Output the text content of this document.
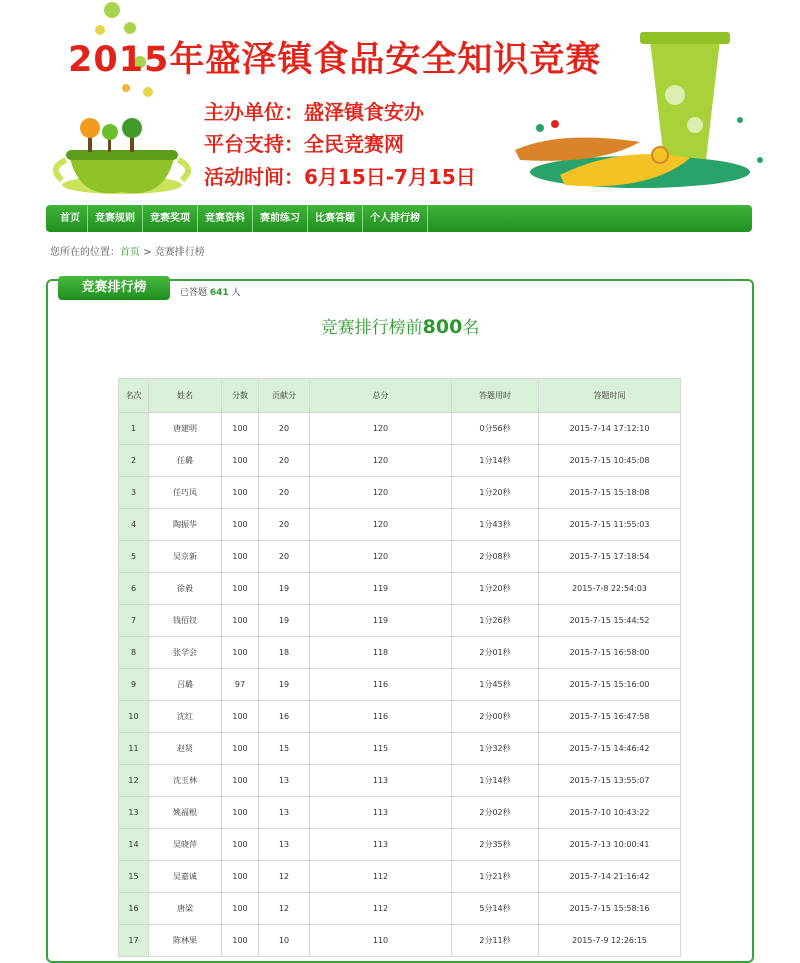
2015年盛泽镇食品安全知识竞赛
主办单位：盛泽镇食安办
平台支持：全民竞赛网
活动时间：6月15日-7月15日
首页	竞赛规则	竞赛奖项	竞赛资料	赛前练习	比赛答题	个人排行榜
您所在的位置：首页 > 竞赛排行榜
竞赛排行榜	已答题 641 人
竞赛排行榜前800名
名次	姓名	分数	贡献分	总分	答题用时	答题时间
1	唐建明	100	20	120	0分56秒	2015-7-14 17:12:10
2	任璐	100	20	120	1分14秒	2015-7-15 10:45:08
3	任巧凤	100	20	120	1分20秒	2015-7-15 15:18:08
4	陶振华	100	20	120	1分43秒	2015-7-15 11:55:03
5	吴京新	100	20	120	2分08秒	2015-7-15 17:18:54
6	徐毅	100	19	119	1分20秒	2015-7-8 22:54:03
7	钱佰钗	100	19	119	1分26秒	2015-7-15 15:44:52
8	张学会	100	18	118	2分01秒	2015-7-15 16:58:00
9	吕璐	97	19	116	1分45秒	2015-7-15 15:16:00
10	沈红	100	16	116	2分00秒	2015-7-15 16:47:58
11	赵贤	100	15	115	1分32秒	2015-7-15 14:46:42
12	沈玉林	100	13	113	1分14秒	2015-7-15 13:55:07
13	姚福根	100	13	113	2分02秒	2015-7-10 10:43:22
14	吴晓萍	100	13	113	2分35秒	2015-7-13 10:00:41
15	吴嘉诚	100	12	112	1分21秒	2015-7-14 21:16:42
16	唐梁	100	12	112	5分14秒	2015-7-15 15:58:16
17	陈林果	100	10	110	2分11秒	2015-7-9 12:26:15
